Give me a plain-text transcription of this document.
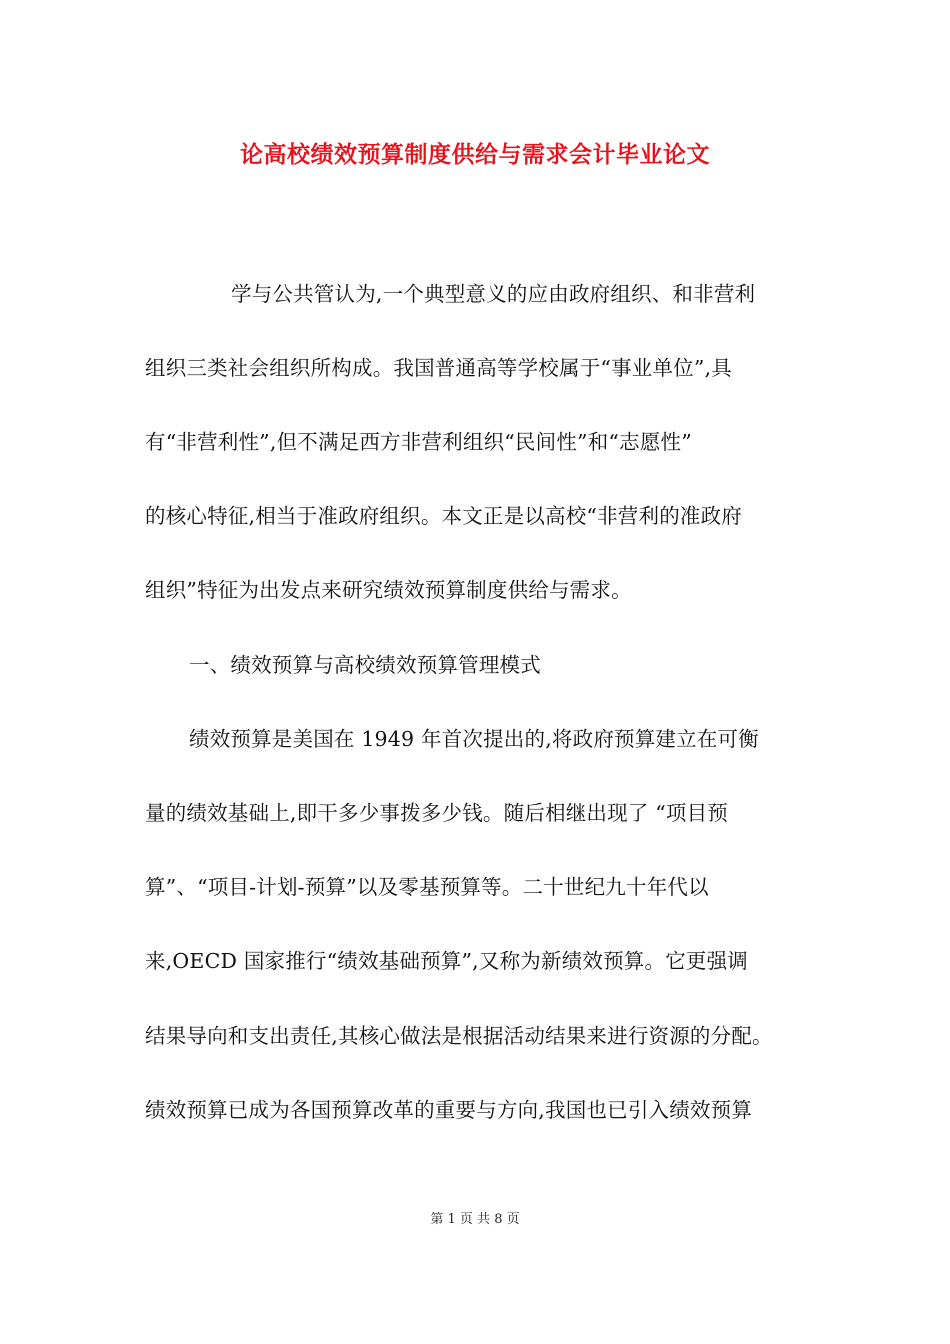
论高校绩效预算制度供给与需求会计毕业论文
学与公共管认为,一个典型意义的应由政府组织、和非营利
组织三类社会组织所构成。我国普通高等学校属于“事业单位”,具
有“非营利性”,但不满足西方非营利组织“民间性”和“志愿性”
的核心特征,相当于准政府组织。本文正是以高校“非营利的准政府
组织”特征为出发点来研究绩效预算制度供给与需求。
一、绩效预算与高校绩效预算管理模式
绩效预算是美国在 1949 年首次提出的,将政府预算建立在可衡
量的绩效基础上,即干多少事拨多少钱。随后相继出现了 “项目预
算”、“项目-计划-预算”以及零基预算等。二十世纪九十年代以
来,OECD 国家推行“绩效基础预算”,又称为新绩效预算。它更强调
结果导向和支出责任,其核心做法是根据活动结果来进行资源的分配。
绩效预算已成为各国预算改革的重要与方向,我国也已引入绩效预算
第 1 页 共 8 页
